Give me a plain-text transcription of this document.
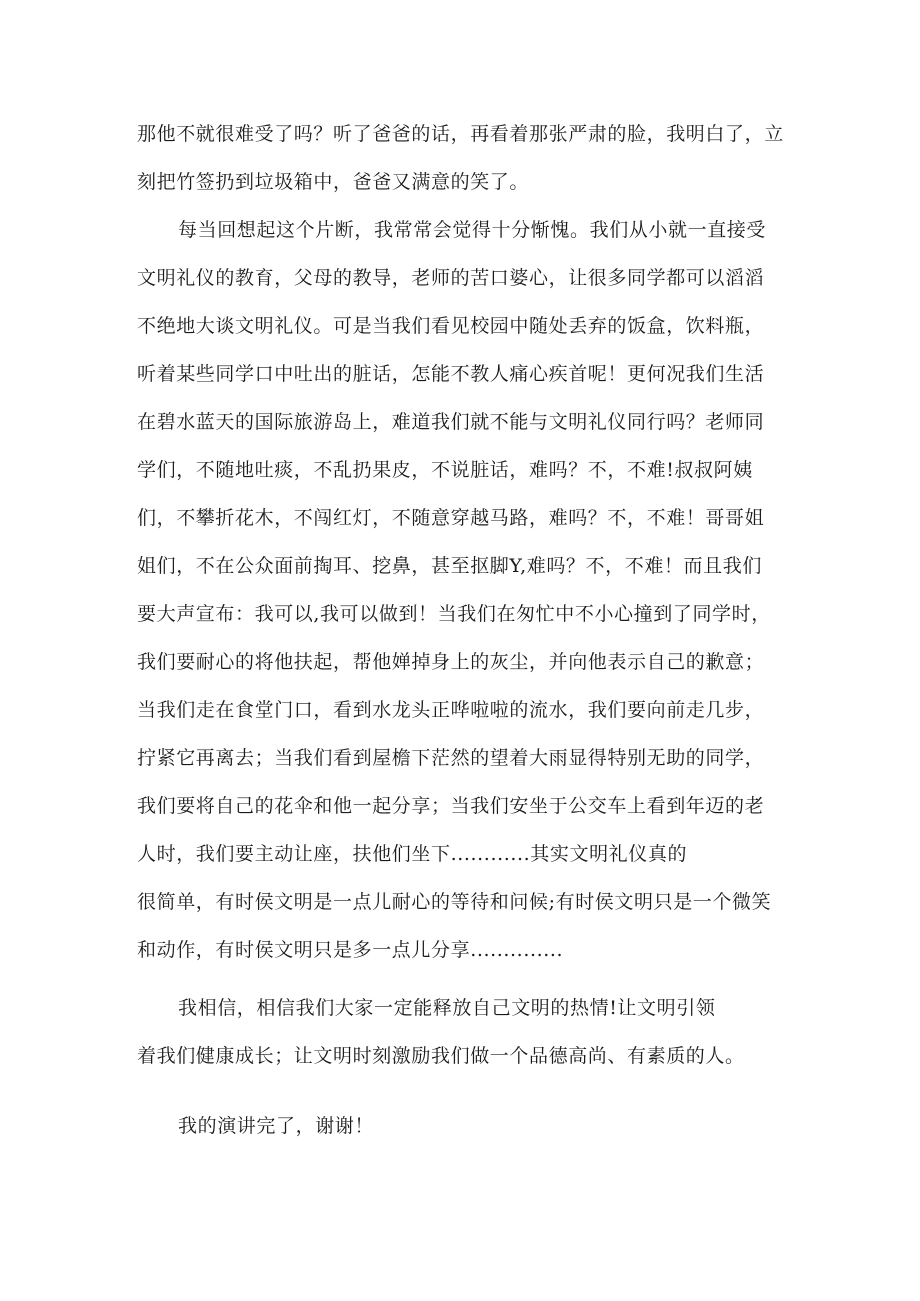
那他不就很难受了吗？听了爸爸的话，再看着那张严肃的脸，我明白了，立
刻把竹签扔到垃圾箱中，爸爸又满意的笑了。
每当回想起这个片断，我常常会觉得十分惭愧。我们从小就一直接受
文明礼仪的教育，父母的教导，老师的苦口婆心，让很多同学都可以滔滔
不绝地大谈文明礼仪。可是当我们看见校园中随处丢弃的饭盒，饮料瓶，
听着某些同学口中吐出的脏话，怎能不教人痛心疾首呢！更何况我们生活
在碧水蓝天的国际旅游岛上，难道我们就不能与文明礼仪同行吗？老师同
学们，不随地吐痰，不乱扔果皮，不说脏话，难吗？不，不难!叔叔阿姨
们，不攀折花木，不闯红灯，不随意穿越马路，难吗？不，不难！哥哥姐
姐们，不在公众面前掏耳、挖鼻，甚至抠脚Y,难吗？不，不难！而且我们
要大声宣布：我可以,我可以做到！当我们在匆忙中不小心撞到了同学时，
我们要耐心的将他扶起，帮他婵掉身上的灰尘，并向他表示自己的歉意；
当我们走在食堂门口，看到水龙头正哗啦啦的流水，我们要向前走几步，
拧紧它再离去；当我们看到屋檐下茫然的望着大雨显得特别无助的同学，
我们要将自己的花伞和他一起分享；当我们安坐于公交车上看到年迈的老
人时，我们要主动让座，扶他们坐下............其实文明礼仪真的
很简单，有时侯文明是一点儿耐心的等待和问候;有时侯文明只是一个微笑
和动作，有时侯文明只是多一点儿分享..............
我相信，相信我们大家一定能释放自己文明的热情!让文明引领
着我们健康成长；让文明时刻激励我们做一个品德高尚、有素质的人。
我的演讲完了，谢谢！
